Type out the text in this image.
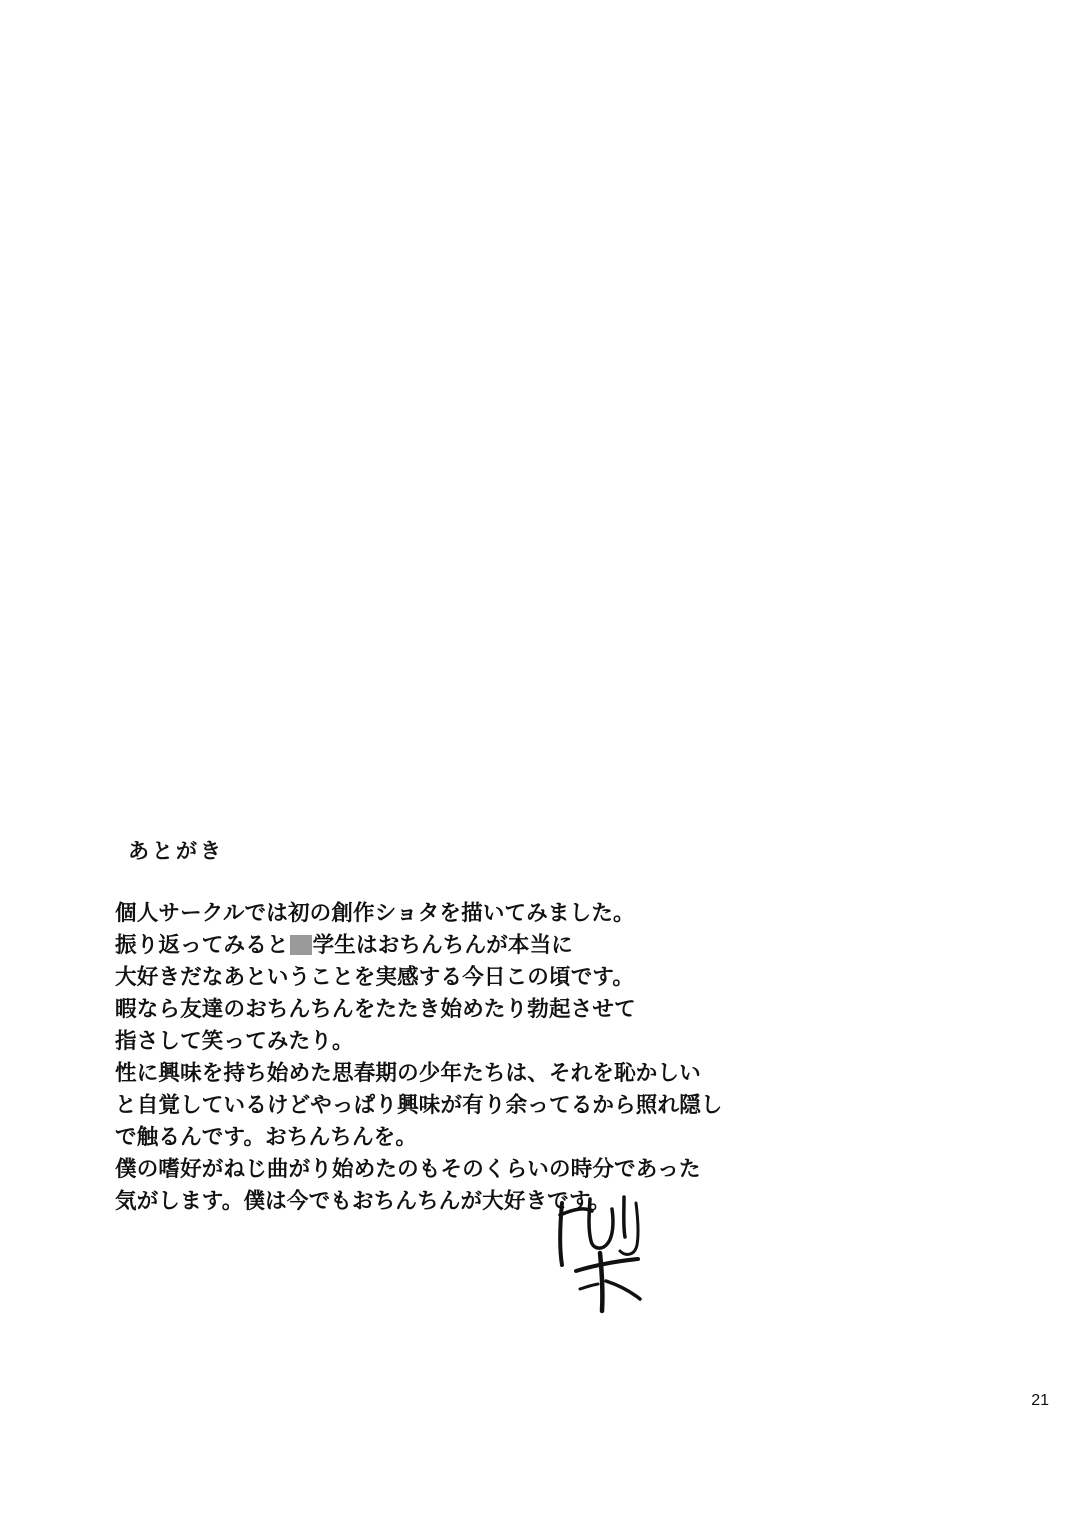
あとがき
個人サークルでは初の創作ショタを描いてみました。
振り返ってみると 学生はおちんちんが本当に
大好きだなあということを実感する今日この頃です。
暇なら友達のおちんちんをたたき始めたり勃起させて
指さして笑ってみたり。
性に興味を持ち始めた思春期の少年たちは、それを恥かしい
と自覚しているけどやっぱり興味が有り余ってるから照れ隠し
で触るんです。おちんちんを。
僕の嗜好がねじ曲がり始めたのもそのくらいの時分であった
気がします。僕は今でもおちんちんが大好きです。
21
